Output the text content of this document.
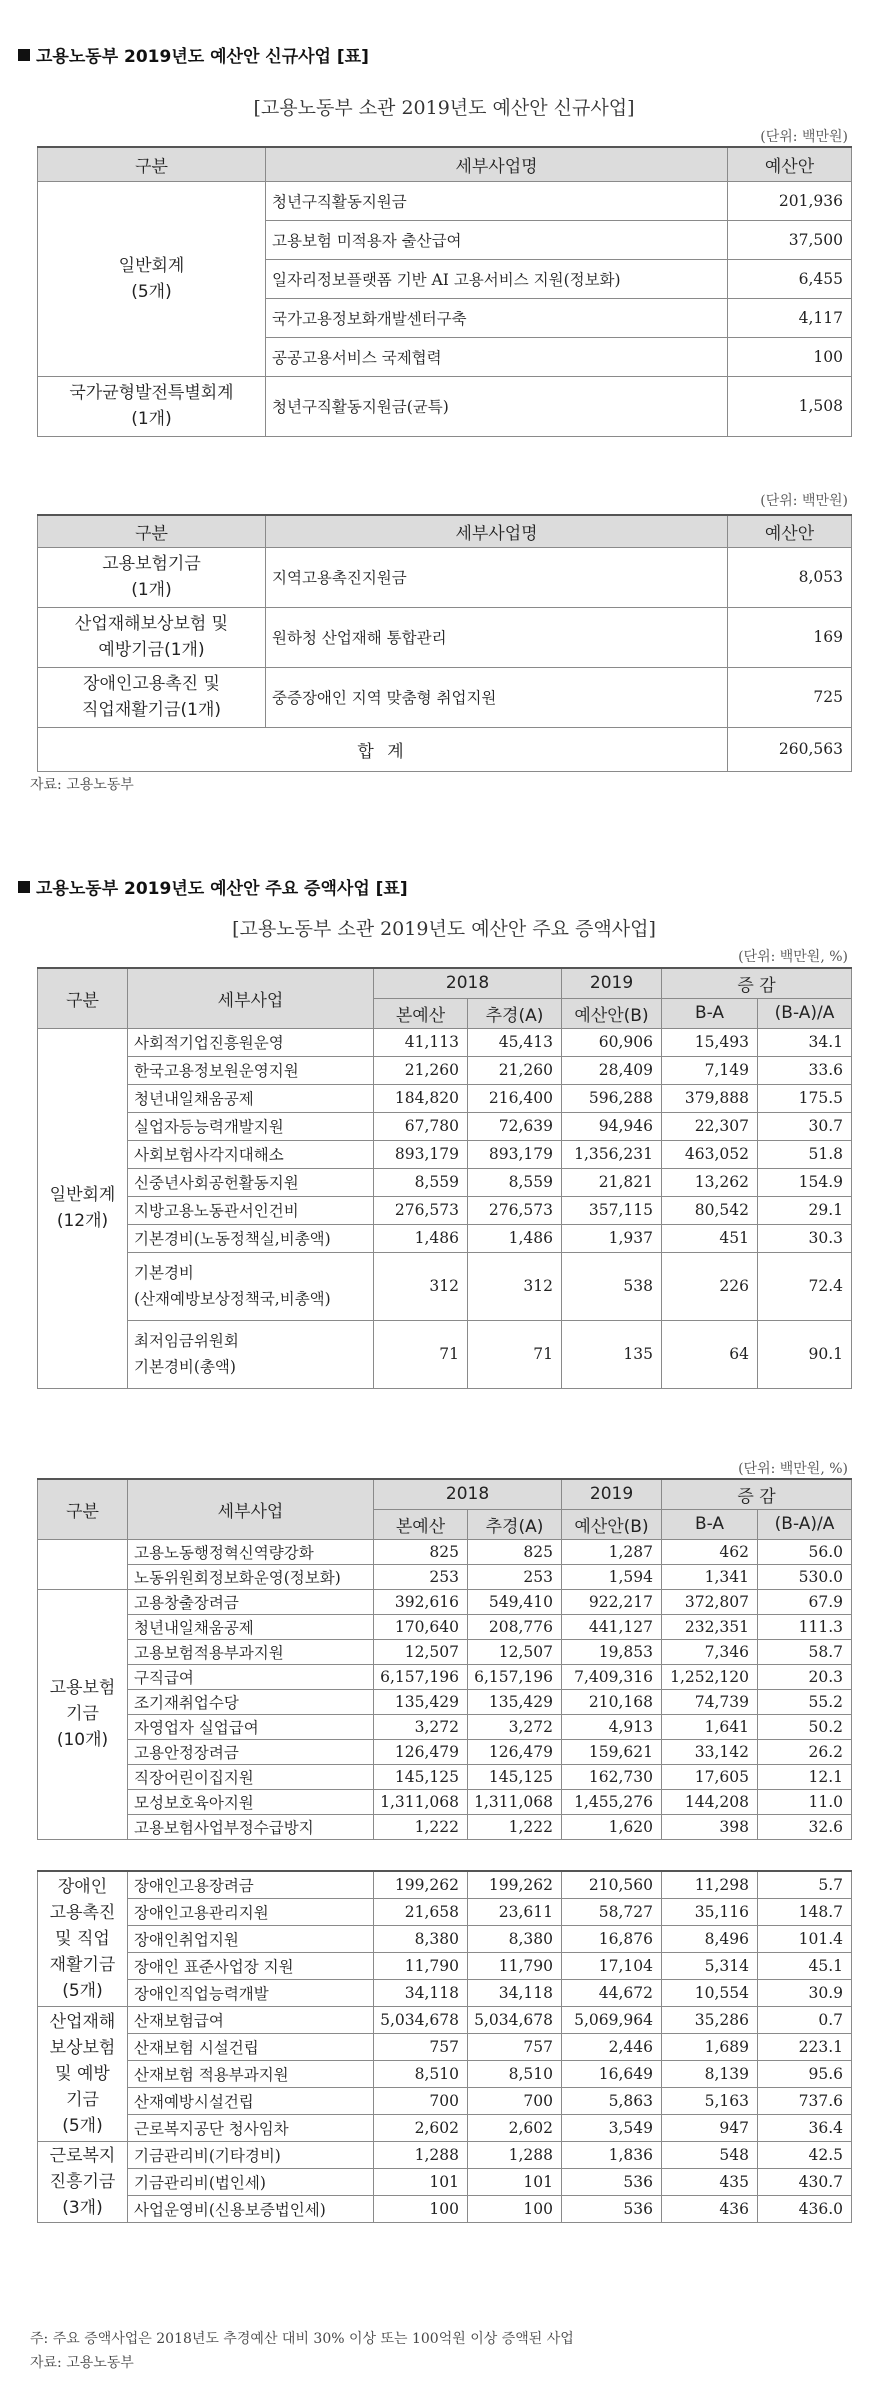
고용노동부 2019년도 예산안 신규사업 [표]
[고용노동부 소관 2019년도 예산안 신규사업]
(단위: 백만원)
구분	세부사업명	예산안

일반회계
(5개)	청년구직활동지원금	201,936
	고용보험 미적용자 출산급여	37,500
	일자리정보플랫폼 기반 AI 고용서비스 지원(정보화)	6,455
	국가고용정보화개발센터구축	4,117
	공공고용서비스 국제협력	100

국가균형발전특별회계
(1개)	청년구직활동지원금(균특)	1,508
(단위: 백만원)
구분	세부사업명	예산안

고용보험기금
(1개)	지역고용촉진지원금	8,053

산업재해보상보험 및
예방기금(1개)	원하청 산업재해 통합관리	169

장애인고용촉진 및
직업재활기금(1개)	중증장애인 지역 맞춤형 취업지원	725
합 계		260,563
자료: 고용노동부
고용노동부 2019년도 예산안 주요 증액사업 [표]
[고용노동부 소관 2019년도 예산안 주요 증액사업]
(단위: 백만원, %)
구분	세부사업	2018		2019	증 감	
		본예산	추경(A)	예산안(B)	B-A	(B-A)/A

일반회계
(12개)	사회적기업진흥원운영	41,113	45,413	60,906	15,493	34.1
	한국고용정보원운영지원	21,260	21,260	28,409	7,149	33.6
	청년내일채움공제	184,820	216,400	596,288	379,888	175.5
	실업자등능력개발지원	67,780	72,639	94,946	22,307	30.7
	사회보험사각지대해소	893,179	893,179	1,356,231	463,052	51.8
	신중년사회공헌활동지원	8,559	8,559	21,821	13,262	154.9
	지방고용노동관서인건비	276,573	276,573	357,115	80,542	29.1
	기본경비(노동정책실,비총액)	1,486	1,486	1,937	451	30.3

	기본경비
(산재예방보상정책국,비총액)	312	312	538	226	72.4

	최저임금위원회
기본경비(총액)	71	71	135	64	90.1
(단위: 백만원, %)
구분	세부사업	2018		2019	증 감	
		본예산	추경(A)	예산안(B)	B-A	(B-A)/A
	고용노동행정혁신역량강화	825	825	1,287	462	56.0
	노동위원회정보화운영(정보화)	253	253	1,594	1,341	530.0

고용보험
기금
(10개)	고용창출장려금	392,616	549,410	922,217	372,807	67.9
	청년내일채움공제	170,640	208,776	441,127	232,351	111.3
	고용보험적용부과지원	12,507	12,507	19,853	7,346	58.7
	구직급여	6,157,196	6,157,196	7,409,316	1,252,120	20.3
	조기재취업수당	135,429	135,429	210,168	74,739	55.2
	자영업자 실업급여	3,272	3,272	4,913	1,641	50.2
	고용안정장려금	126,479	126,479	159,621	33,142	26.2
	직장어린이집지원	145,125	145,125	162,730	17,605	12.1
	모성보호육아지원	1,311,068	1,311,068	1,455,276	144,208	11.0
	고용보험사업부정수급방지	1,222	1,222	1,620	398	32.6
장애인
고용촉진
및 직업
재활기금
(5개)	장애인고용장려금	199,262	199,262	210,560	11,298	5.7
	장애인고용관리지원	21,658	23,611	58,727	35,116	148.7
	장애인취업지원	8,380	8,380	16,876	8,496	101.4
	장애인 표준사업장 지원	11,790	11,790	17,104	5,314	45.1
	장애인직업능력개발	34,118	34,118	44,672	10,554	30.9

산업재해
보상보험
및 예방
기금
(5개)	산재보험급여	5,034,678	5,034,678	5,069,964	35,286	0.7
	산재보험 시설건립	757	757	2,446	1,689	223.1
	산재보험 적용부과지원	8,510	8,510	16,649	8,139	95.6
	산재예방시설건립	700	700	5,863	5,163	737.6
	근로복지공단 청사임차	2,602	2,602	3,549	947	36.4

근로복지
진흥기금
(3개)	기금관리비(기타경비)	1,288	1,288	1,836	548	42.5
	기금관리비(법인세)	101	101	536	435	430.7
	사업운영비(신용보증법인세)	100	100	536	436	436.0
주: 주요 증액사업은 2018년도 추경예산 대비 30% 이상 또는 100억원 이상 증액된 사업
자료: 고용노동부
